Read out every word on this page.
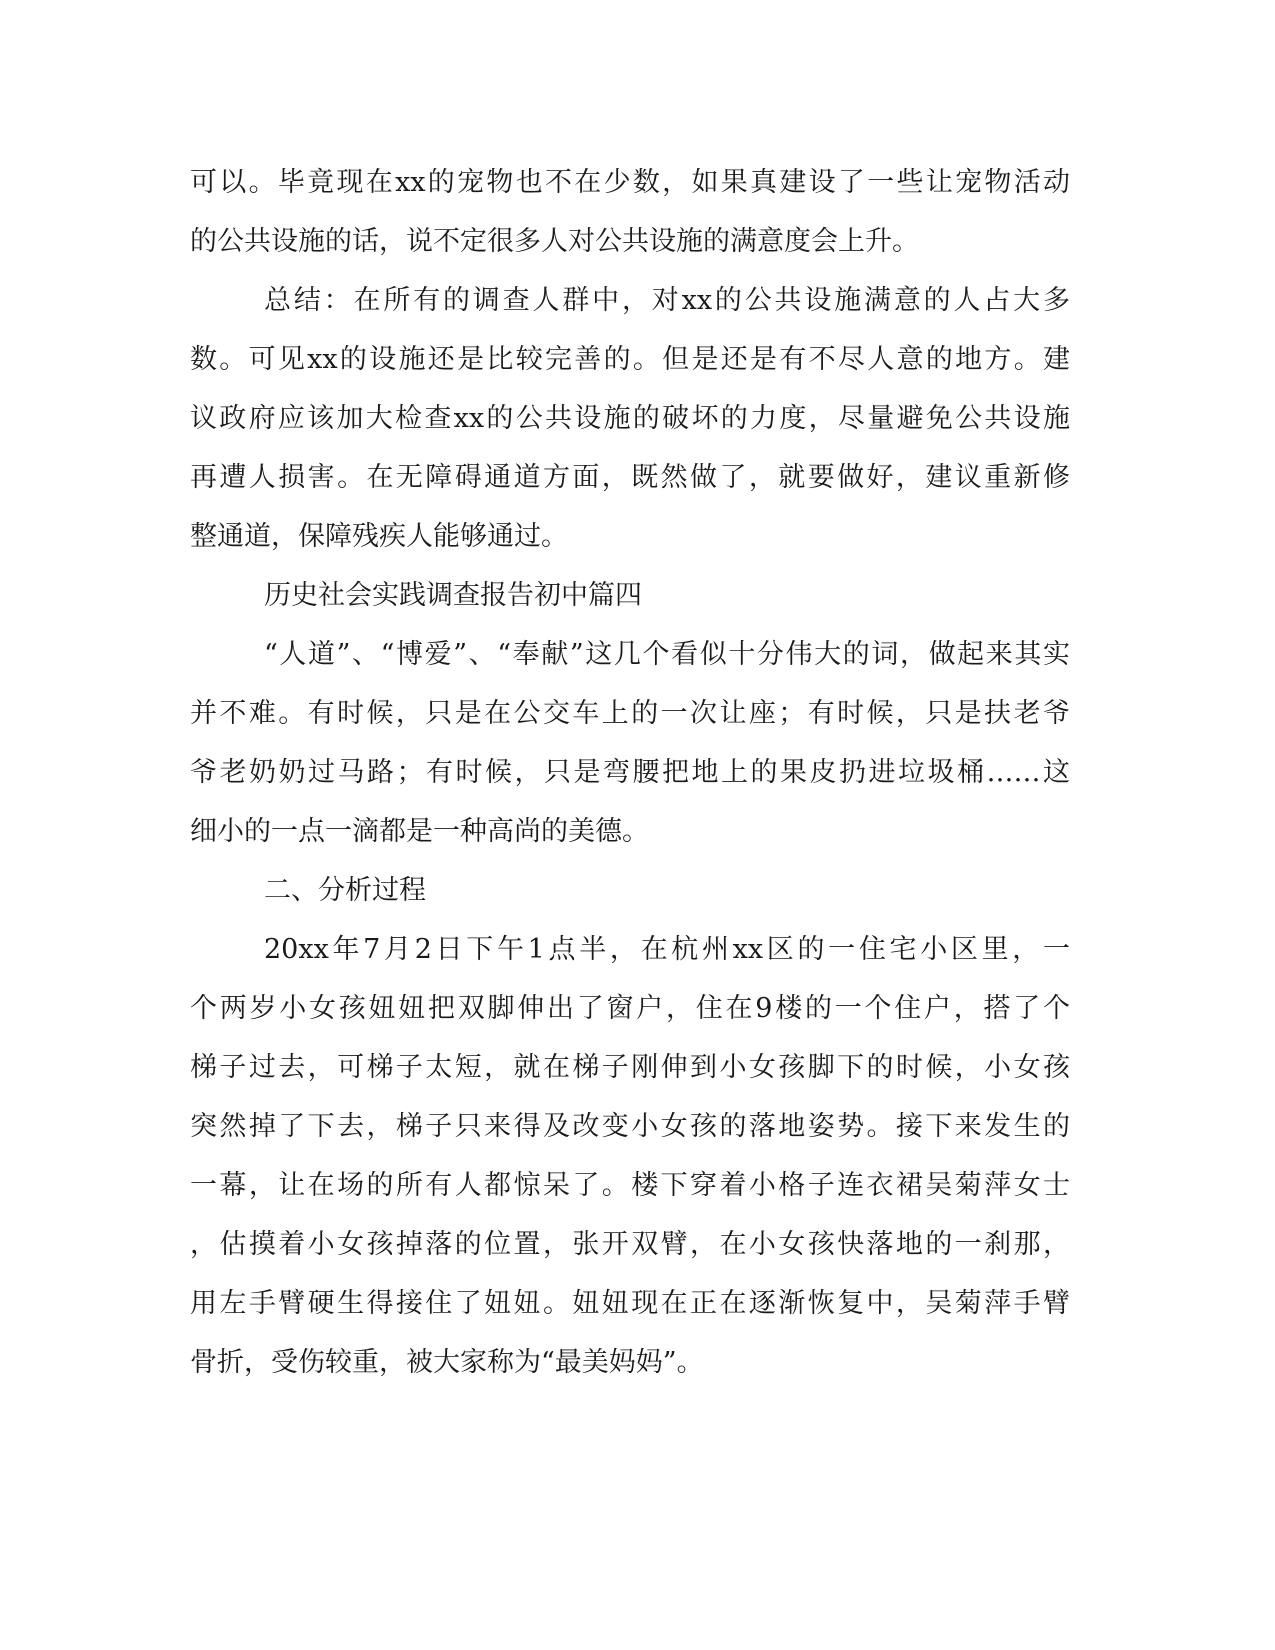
可以。毕竟现在xx的宠物也不在少数，如果真建设了一些让宠物活动
的公共设施的话，说不定很多人对公共设施的满意度会上升。
总结：在所有的调查人群中，对xx的公共设施满意的人占大多
数。可见xx的设施还是比较完善的。但是还是有不尽人意的地方。建
议政府应该加大检查xx的公共设施的破坏的力度，尽量避免公共设施
再遭人损害。在无障碍通道方面，既然做了，就要做好，建议重新修
整通道，保障残疾人能够通过。
历史社会实践调查报告初中篇四
“人道”、“博爱”、“奉献”这几个看似十分伟大的词，做起来其实
并不难。有时候，只是在公交车上的一次让座；有时候，只是扶老爷
爷老奶奶过马路；有时候，只是弯腰把地上的果皮扔进垃圾桶……这
细小的一点一滴都是一种高尚的美德。
二、分析过程
20xx年7月2日下午1点半，在杭州xx区的一住宅小区里，一
个两岁小女孩妞妞把双脚伸出了窗户，住在9楼的一个住户，搭了个
梯子过去，可梯子太短，就在梯子刚伸到小女孩脚下的时候，小女孩
突然掉了下去，梯子只来得及改变小女孩的落地姿势。接下来发生的
一幕，让在场的所有人都惊呆了。楼下穿着小格子连衣裙吴菊萍女士
，估摸着小女孩掉落的位置，张开双臂，在小女孩快落地的一刹那，
用左手臂硬生得接住了妞妞。妞妞现在正在逐渐恢复中，吴菊萍手臂
骨折，受伤较重，被大家称为“最美妈妈”。
